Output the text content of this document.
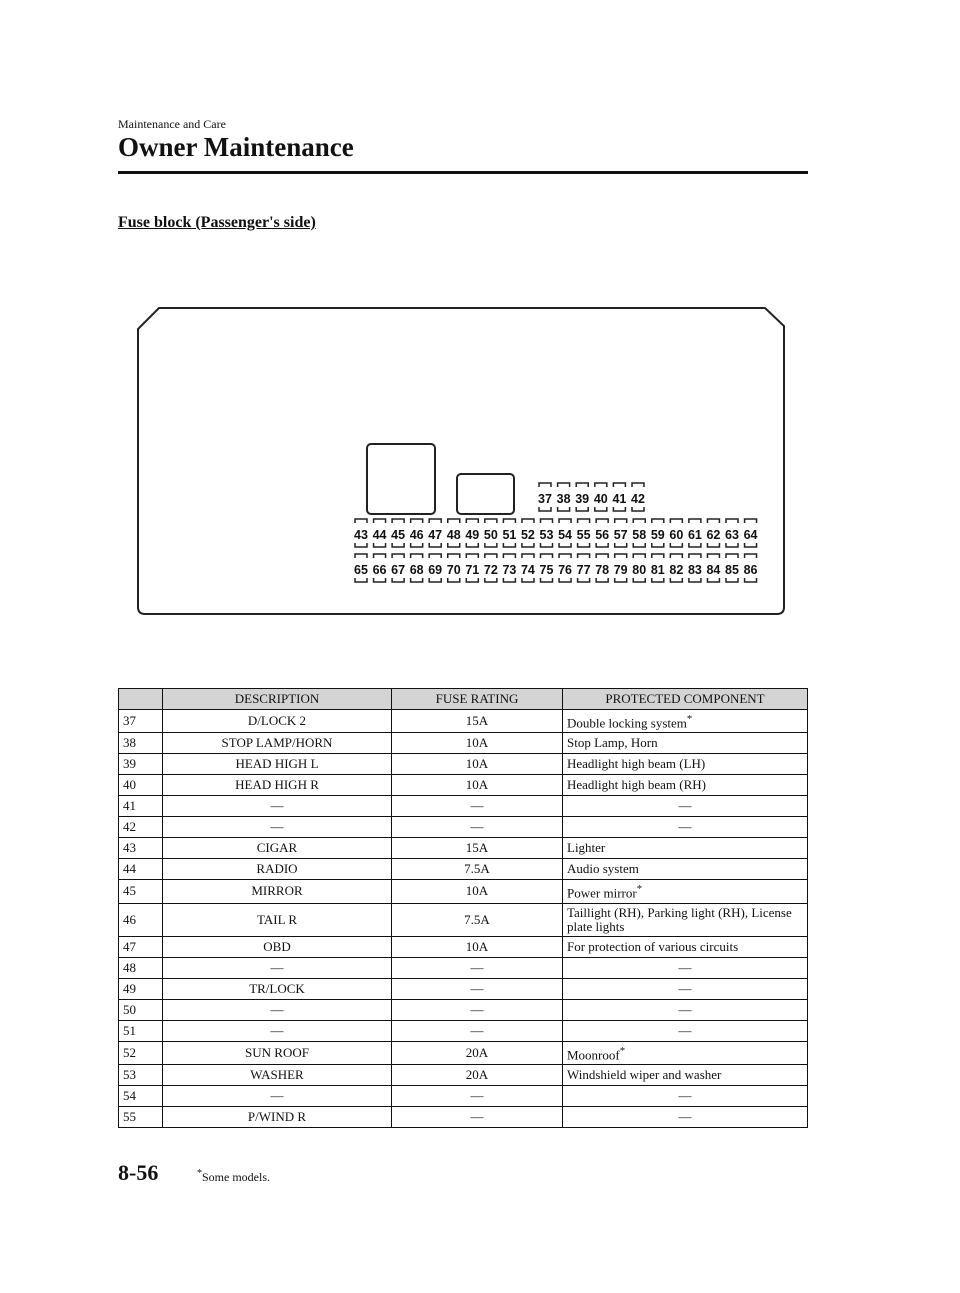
Maintenance and Care
Owner Maintenance
Fuse block (Passenger's side)
37 38 39 40 41 42
43 44 45 46 47 48 49 50 51 52 53 54 55 56 57 58 59 60 61 62 63 64
65 66 67 68 69 70 71 72 73 74 75 76 77 78 79 80 81 82 83 84 85 86
	DESCRIPTION	FUSE RATING	PROTECTED COMPONENT
37	D/LOCK 2	15A	Double locking system*
38	STOP LAMP/HORN	10A	Stop Lamp, Horn
39	HEAD HIGH L	10A	Headlight high beam (LH)
40	HEAD HIGH R	10A	Headlight high beam (RH)
41	―	―	―
42	―	―	―
43	CIGAR	15A	Lighter
44	RADIO	7.5A	Audio system
45	MIRROR	10A	Power mirror*
46	TAIL R	7.5A	Taillight (RH), Parking light (RH), License plate lights
47	OBD	10A	For protection of various circuits
48	―	―	―
49	TR/LOCK	―	―
50	―	―	―
51	―	―	―
52	SUN ROOF	20A	Moonroof*
53	WASHER	20A	Windshield wiper and washer
54	―	―	―
55	P/WIND R	―	―
8-56	*Some models.
